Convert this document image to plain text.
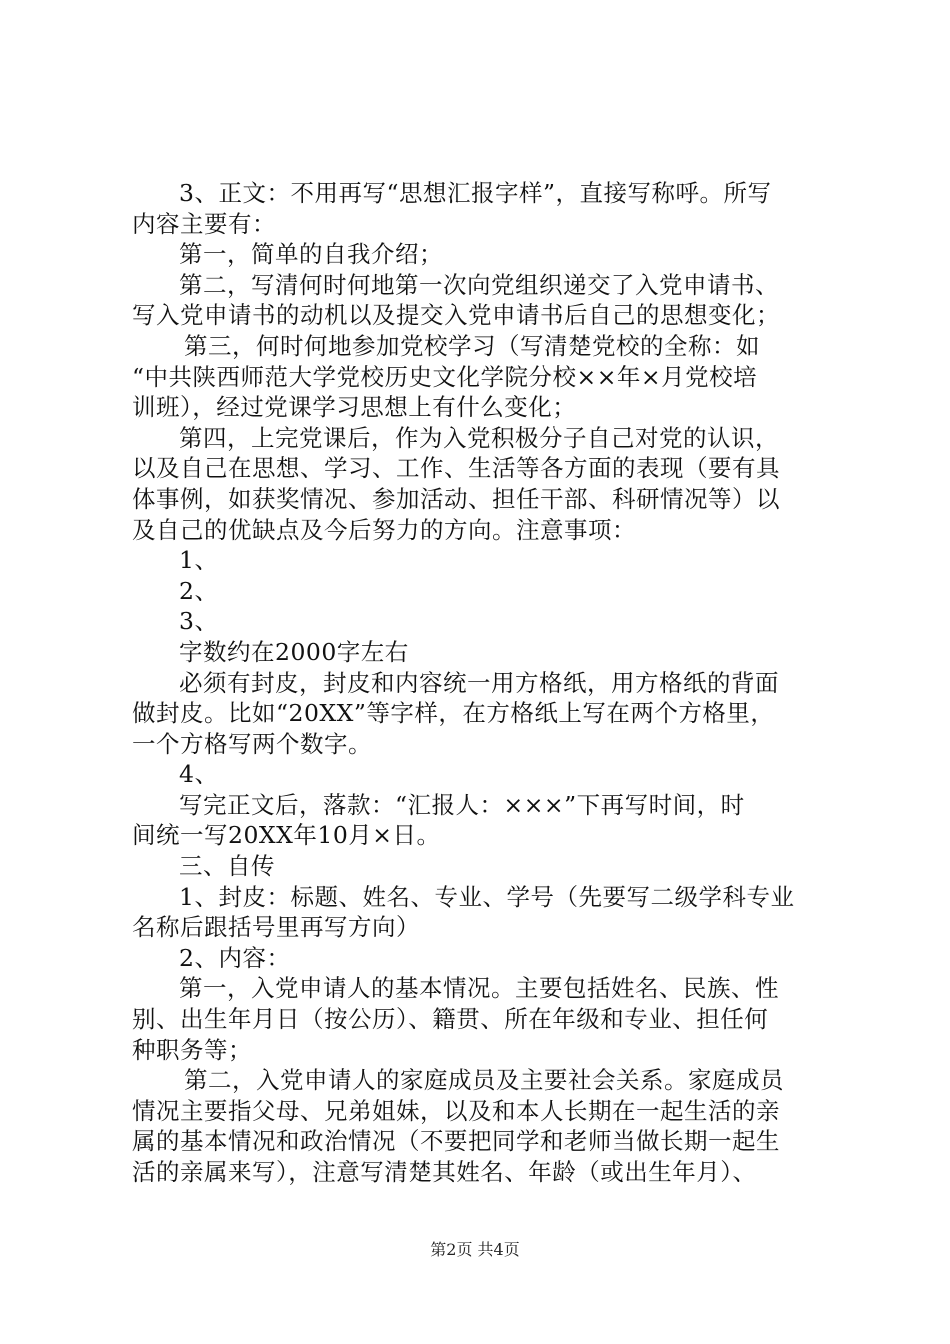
3、正文：不用再写“思想汇报字样”，直接写称呼。所写
内容主要有：
第一，简单的自我介绍；
第二，写清何时何地第一次向党组织递交了入党申请书、
写入党申请书的动机以及提交入党申请书后自己的思想变化；
第三，何时何地参加党校学习（写清楚党校的全称：如
“中共陕西师范大学党校历史文化学院分校××年×月党校培
训班），经过党课学习思想上有什么变化；
第四，上完党课后，作为入党积极分子自己对党的认识，
以及自己在思想、学习、工作、生活等各方面的表现（要有具
体事例，如获奖情况、参加活动、担任干部、科研情况等）以
及自己的优缺点及今后努力的方向。注意事项：
1、
2、
3、
字数约在2000字左右
必须有封皮，封皮和内容统一用方格纸，用方格纸的背面
做封皮。比如“20XX”等字样，在方格纸上写在两个方格里，
一个方格写两个数字。
4、
写完正文后，落款：“汇报人：×××”下再写时间，时
间统一写20XX年10月×日。
三、自传
1、封皮：标题、姓名、专业、学号（先要写二级学科专业
名称后跟括号里再写方向）
2、内容：
第一，入党申请人的基本情况。主要包括姓名、民族、性
别、出生年月日（按公历）、籍贯、所在年级和专业、担任何
种职务等；
第二，入党申请人的家庭成员及主要社会关系。家庭成员
情况主要指父母、兄弟姐妹，以及和本人长期在一起生活的亲
属的基本情况和政治情况（不要把同学和老师当做长期一起生
活的亲属来写），注意写清楚其姓名、年龄（或出生年月）、
第2页 共4页
